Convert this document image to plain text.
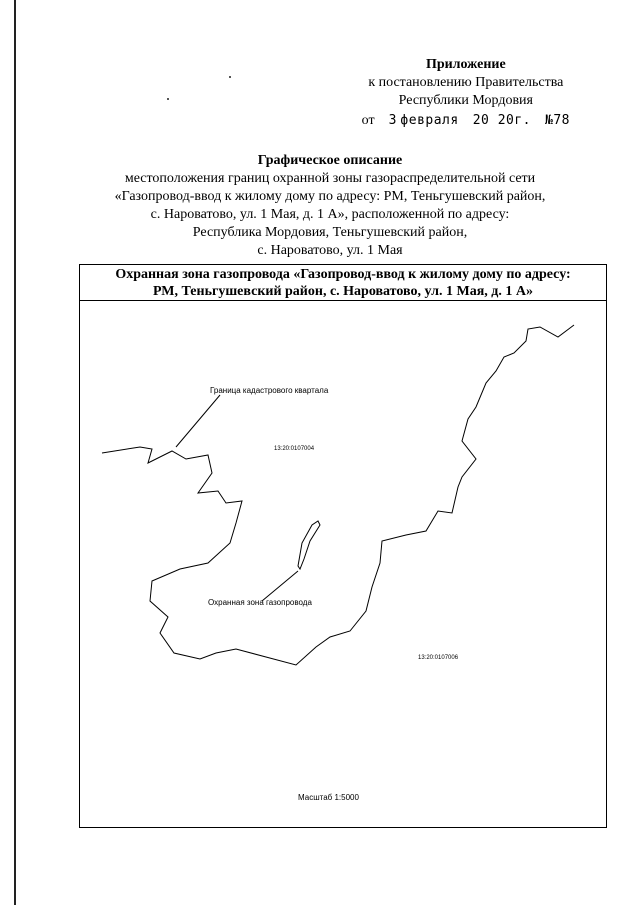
Приложение
к постановлению Правительства
Республики Мордовия
от 3 февраля 20 20г. №78
Графическое описание
местоположения границ охранной зоны газораспределительной сети
«Газопровод-ввод к жилому дому по адресу: РМ, Теньгушевский район,
с. Нароватово, ул. 1 Мая, д. 1 А», расположенной по адресу:
Республика Мордовия, Теньгушевский район,
с. Нароватово, ул. 1 Мая
Охранная зона газопровода «Газопровод-ввод к жилому дому по адресу:
РМ, Теньгушевский район, с. Нароватово, ул. 1 Мая, д. 1 А»
Граница кадастрового квартала
13:20:0107004
Охранная зона газопровода
13:20:0107006
Масштаб 1:5000
